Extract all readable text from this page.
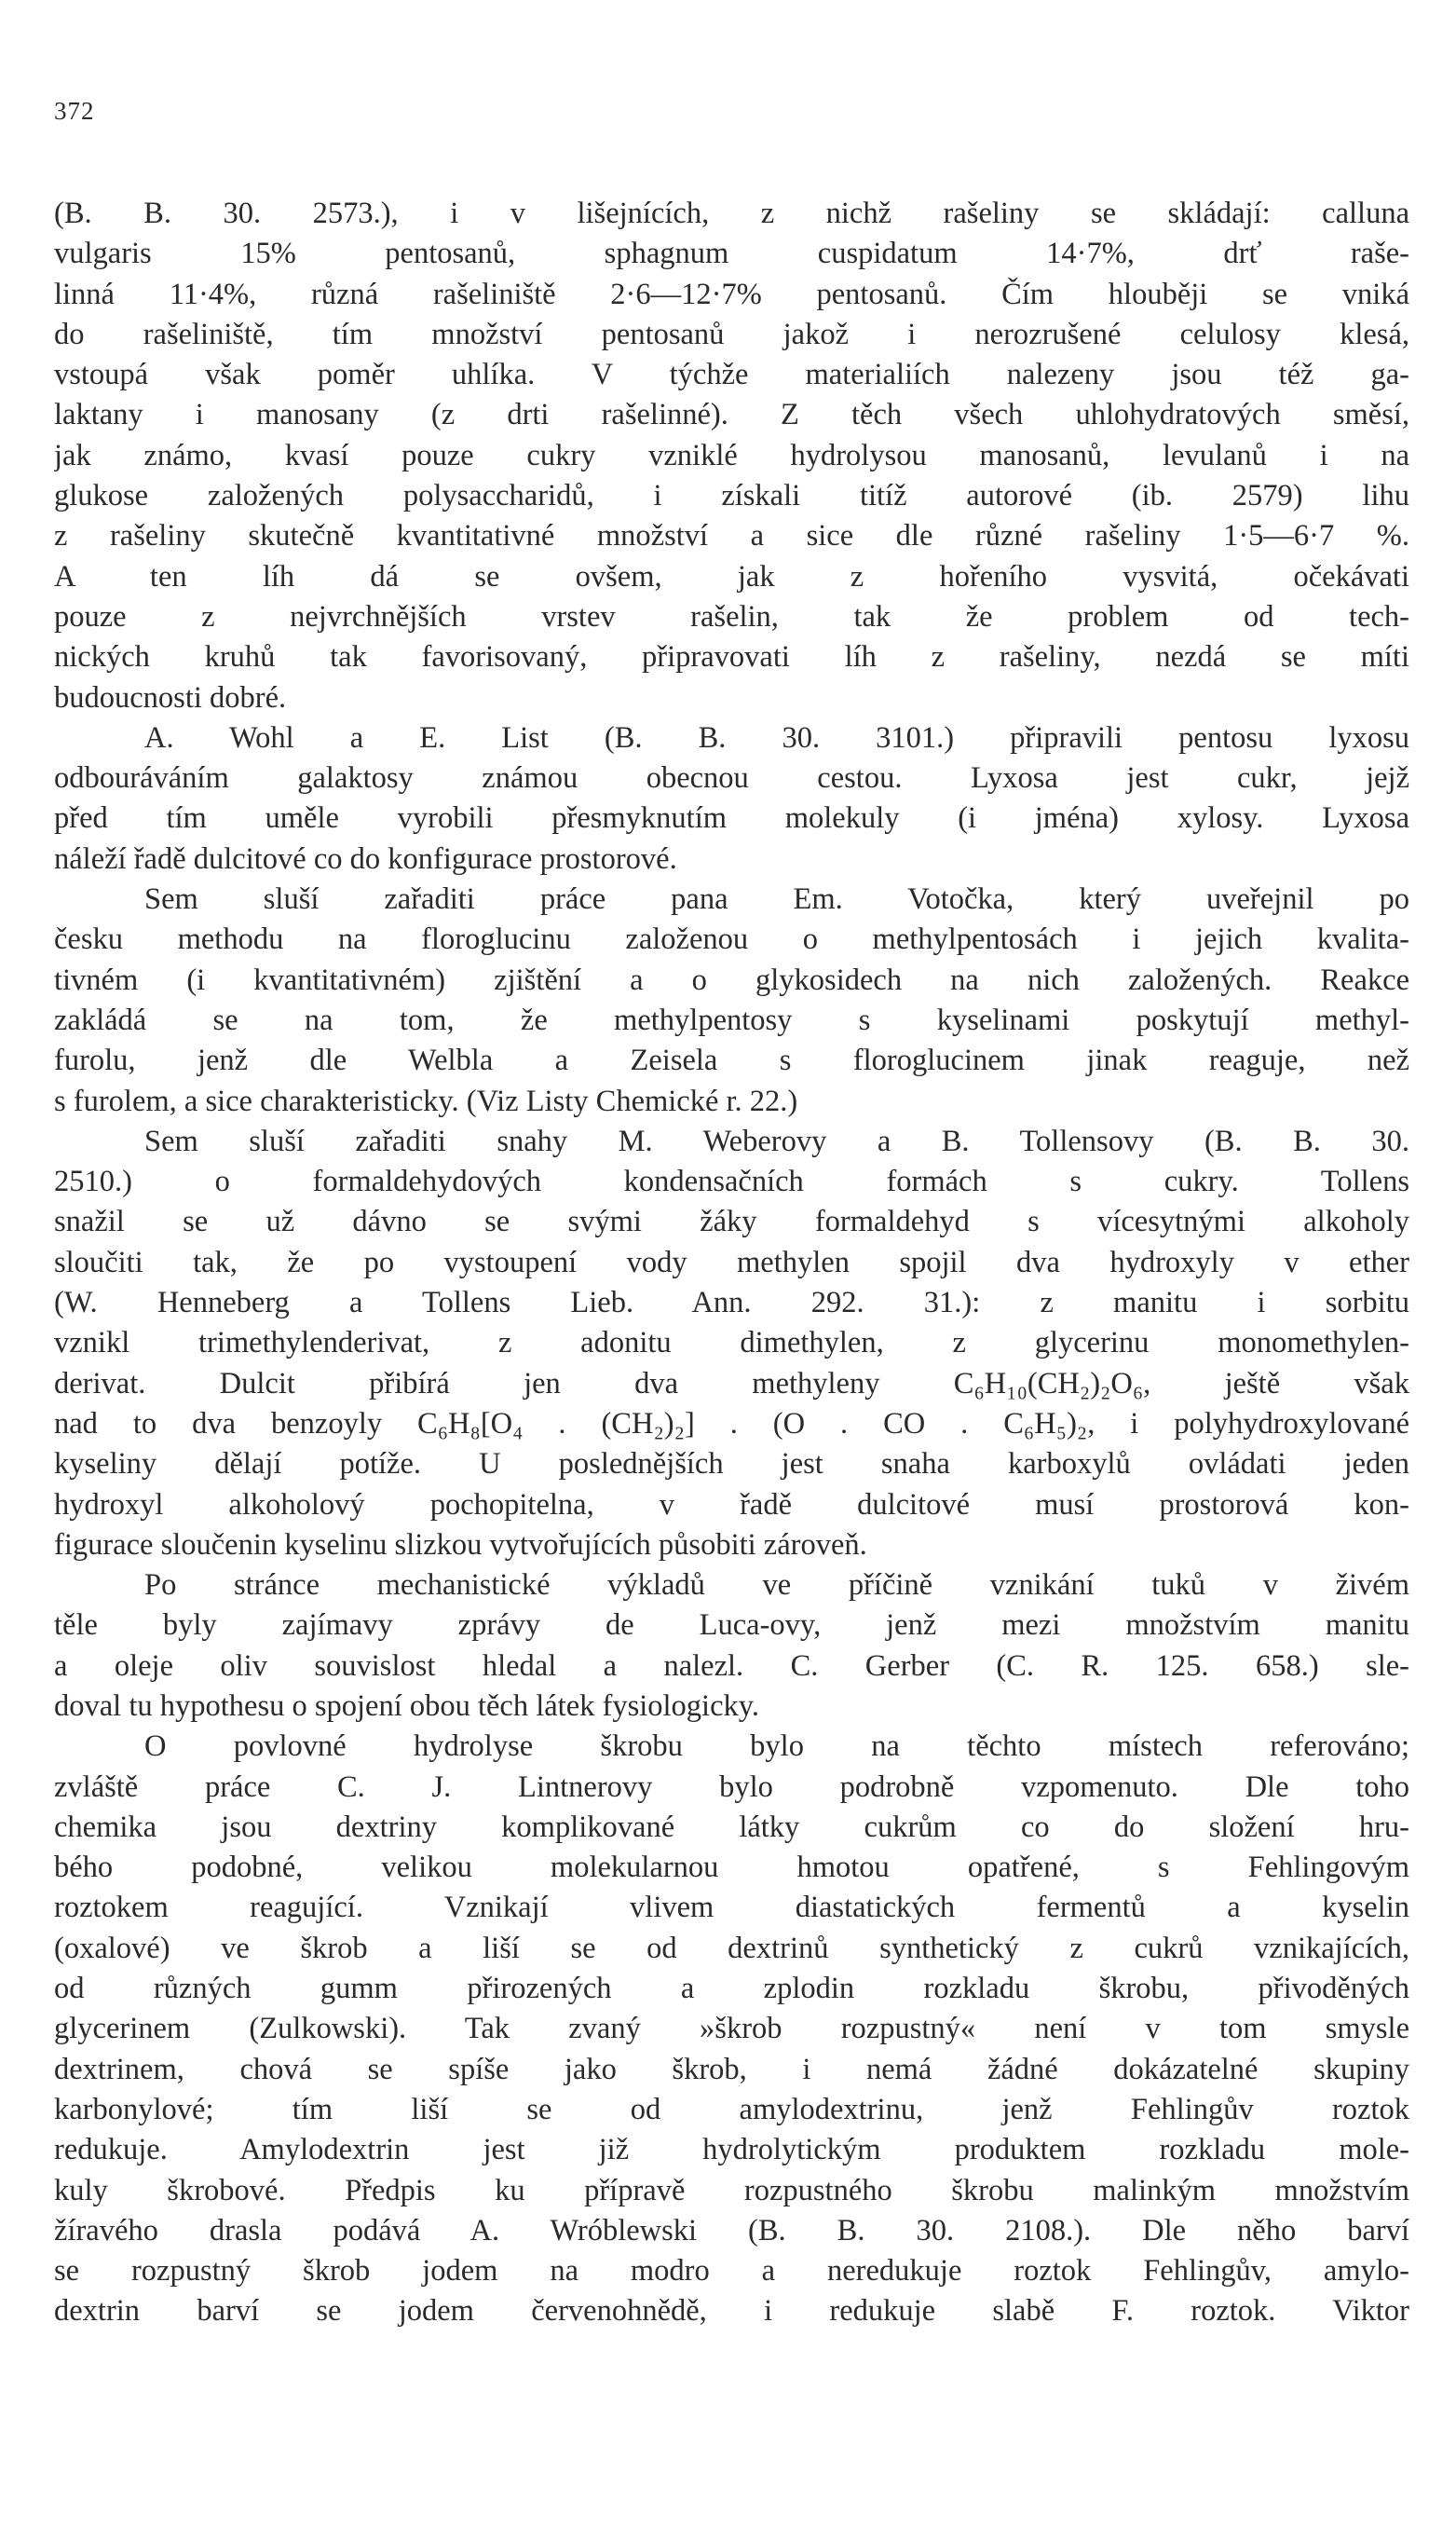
372
(B. B. 30. 2573.), i v lišejnících, z nichž rašeliny se skládají: calluna
vulgaris 15% pentosanů, sphagnum cuspidatum 14·7%, drť raše-
linná 11·4%, různá rašeliniště 2·6—12·7% pentosanů. Čím hlouběji se vniká
do rašeliniště, tím množství pentosanů jakož i nerozrušené celulosy klesá,
vstoupá však poměr uhlíka. V týchže materialiích nalezeny jsou též ga-
laktany i manosany (z drti rašelinné). Z těch všech uhlohydratových směsí,
jak známo, kvasí pouze cukry vzniklé hydrolysou manosanů, levulanů i na
glukose založených polysaccharidů, i získali titíž autorové (ib. 2579) lihu
z rašeliny skutečně kvantitativné množství a sice dle různé rašeliny 1·5—6·7 %.
A ten líh dá se ovšem, jak z hořeního vysvitá, očekávati
pouze z nejvrchnějších vrstev rašelin, tak že problem od tech-
nických kruhů tak favorisovaný, připravovati líh z rašeliny, nezdá se míti
budoucnosti dobré.
A. Wohl a E. List (B. B. 30. 3101.) připravili pentosu lyxosu
odbouráváním galaktosy známou obecnou cestou. Lyxosa jest cukr, jejž
před tím uměle vyrobili přesmyknutím molekuly (i jména) xylosy. Lyxosa
náleží řadě dulcitové co do konfigurace prostorové.
Sem sluší zařaditi práce pana Em. Votočka, který uveřejnil po
česku methodu na floroglucinu založenou o methylpentosách i jejich kvalita-
tivném (i kvantitativném) zjištění a o glykosidech na nich založených. Reakce
zakládá se na tom, že methylpentosy s kyselinami poskytují methyl-
furolu, jenž dle Welbla a Zeisela s floroglucinem jinak reaguje, než
s furolem, a sice charakteristicky. (Viz Listy Chemické r. 22.)
Sem sluší zařaditi snahy M. Weberovy a B. Tollensovy (B. B. 30.
2510.) o formaldehydových kondensačních formách s cukry. Tollens
snažil se už dávno se svými žáky formaldehyd s vícesytnými alkoholy
sloučiti tak, že po vystoupení vody methylen spojil dva hydroxyly v ether
(W. Henneberg a Tollens Lieb. Ann. 292. 31.): z manitu i sorbitu
vznikl trimethylenderivat, z adonitu dimethylen, z glycerinu monomethylen-
derivat. Dulcit přibírá jen dva methyleny C₆H₁₀(CH₂)₂O₆, ještě však
nad to dva benzoyly C₆H₈[O₄ . (CH₂)₂] . (O . CO . C₆H₅)₂, i polyhydroxylované
kyseliny dělají potíže. U poslednějších jest snaha karboxylů ovládati jeden
hydroxyl alkoholový pochopitelna, v řadě dulcitové musí prostorová kon-
figurace sloučenin kyselinu slizkou vytvořujících působiti zároveň.
Po stránce mechanistické výkladů ve příčině vznikání tuků v živém
těle byly zajímavy zprávy de Luca-ovy, jenž mezi množstvím manitu
a oleje oliv souvislost hledal a nalezl. C. Gerber (C. R. 125. 658.) sle-
doval tu hypothesu o spojení obou těch látek fysiologicky.
O povlovné hydrolyse škrobu bylo na těchto místech referováno;
zvláště práce C. J. Lintnerovy bylo podrobně vzpomenuto. Dle toho
chemika jsou dextriny komplikované látky cukrům co do složení hru-
bého podobné, velikou molekularnou hmotou opatřené, s Fehlingovým
roztokem reagující. Vznikají vlivem diastatických fermentů a kyselin
(oxalové) ve škrob a liší se od dextrinů synthetický z cukrů vznikajících,
od různých gumm přirozených a zplodin rozkladu škrobu, přivoděných
glycerinem (Zulkowski). Tak zvaný »škrob rozpustný« není v tom smysle
dextrinem, chová se spíše jako škrob, i nemá žádné dokázatelné skupiny
karbonylové; tím liší se od amylodextrinu, jenž Fehlingův roztok
redukuje. Amylodextrin jest již hydrolytickým produktem rozkladu mole-
kuly škrobové. Předpis ku přípravě rozpustného škrobu malinkým množstvím
žíravého drasla podává A. Wróblewski (B. B. 30. 2108.). Dle něho barví
se rozpustný škrob jodem na modro a neredukuje roztok Fehlingův, amylo-
dextrin barví se jodem červenohnědě, i redukuje slabě F. roztok. Viktor
